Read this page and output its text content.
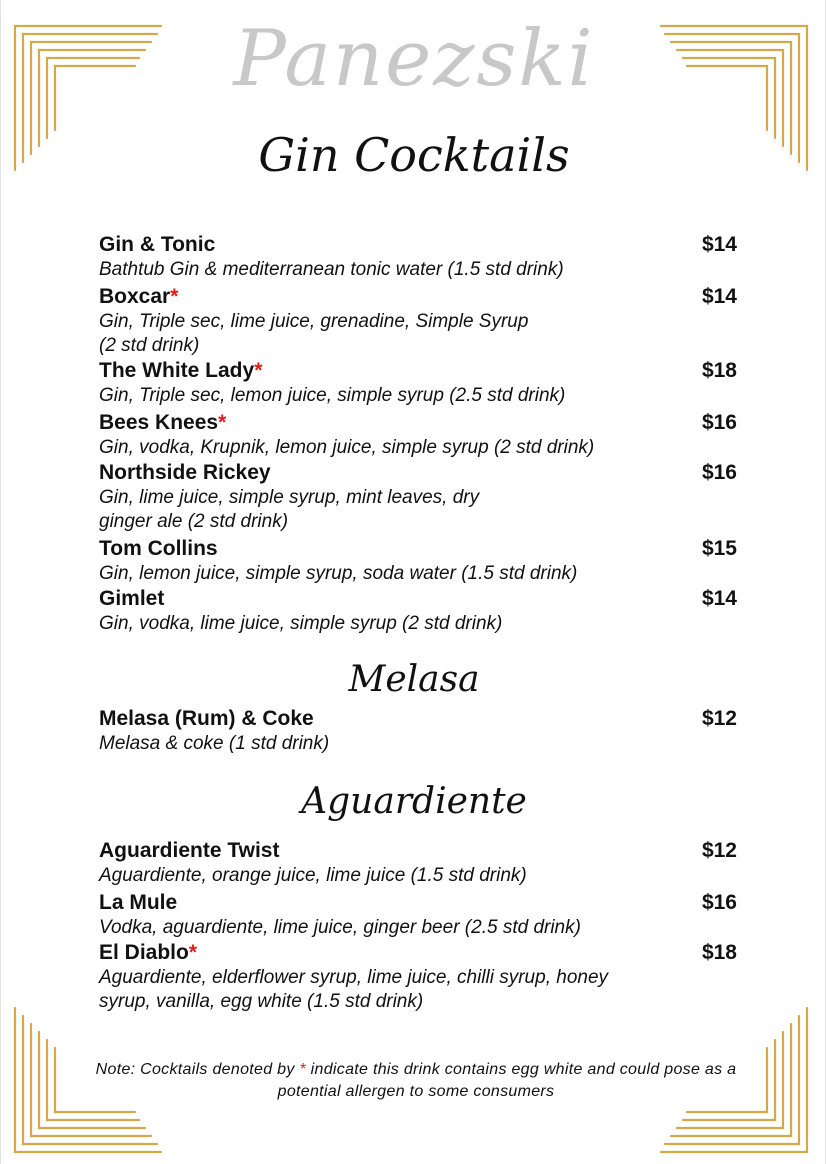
Panezski
Gin Cocktails
Gin & Tonic	$14
Bathtub Gin & mediterranean tonic water (1.5 std drink)
Boxcar*	$14
Gin, Triple sec, lime juice, grenadine, Simple Syrup (2 std drink)
The White Lady*	$18
Gin, Triple sec, lemon juice, simple syrup (2.5 std drink)
Bees Knees*	$16
Gin, vodka, Krupnik, lemon juice, simple syrup (2 std drink)
Northside Rickey	$16
Gin, lime juice, simple syrup, mint leaves, dry ginger ale (2 std drink)
Tom Collins	$15
Gin, lemon juice, simple syrup, soda water (1.5 std drink)
Gimlet	$14
Gin, vodka, lime juice, simple syrup (2 std drink)
Melasa
Melasa (Rum) & Coke	$12
Melasa & coke (1 std drink)
Aguardiente
Aguardiente Twist	$12
Aguardiente, orange juice, lime juice (1.5 std drink)
La Mule	$16
Vodka, aguardiente, lime juice, ginger beer (2.5 std drink)
El Diablo*	$18
Aguardiente, elderflower syrup, lime juice, chilli syrup, honey syrup, vanilla, egg white (1.5 std drink)
Note: Cocktails denoted by * indicate this drink contains egg white and could pose as a potential allergen to some consumers
